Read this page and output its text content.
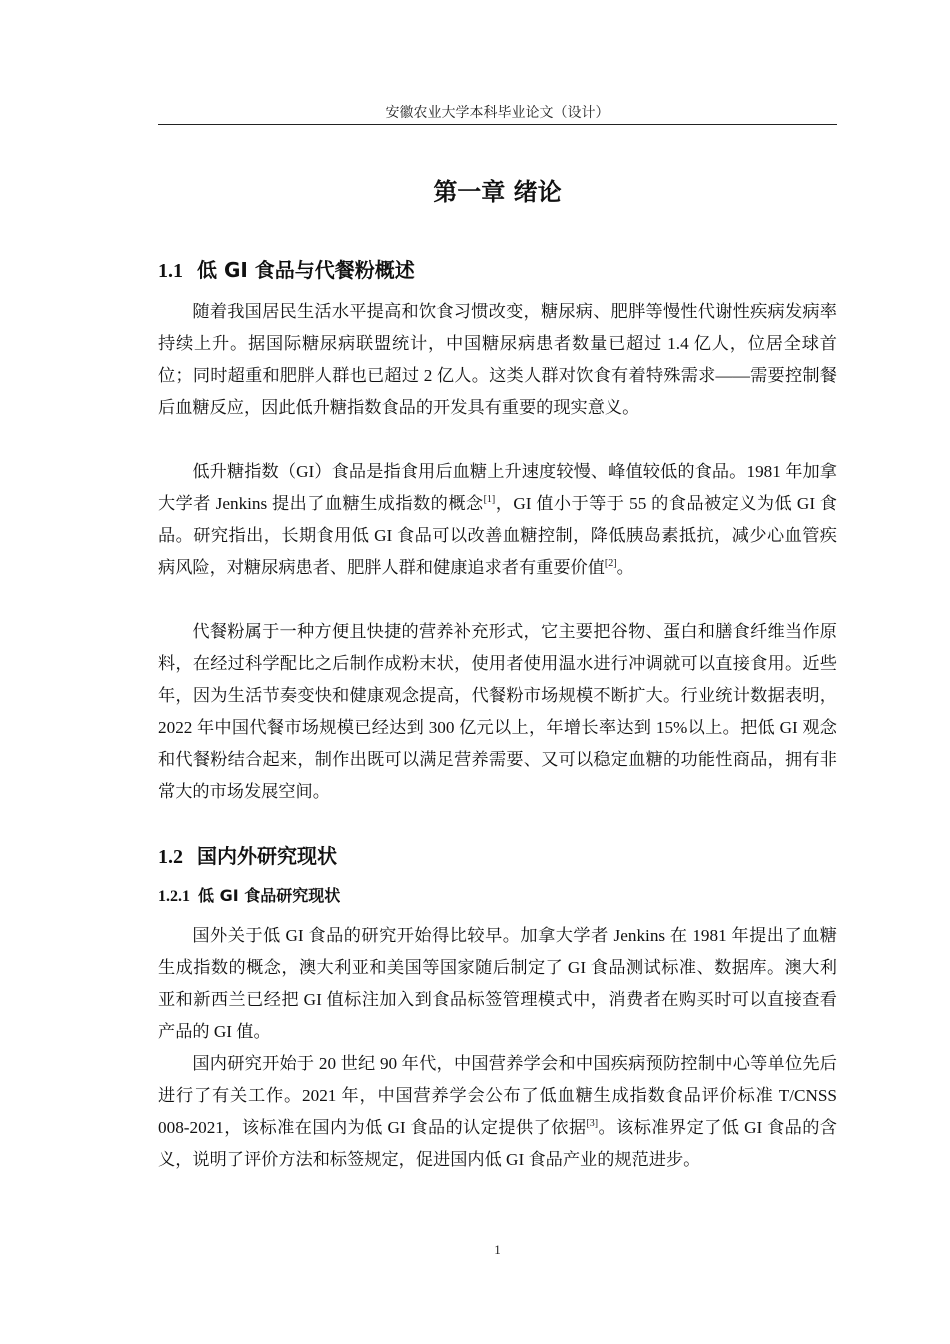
安徽农业大学本科毕业论文（设计）
第一章 绪论
1.1 低 GI 食品与代餐粉概述

随着我国居民生活水平提高和饮食习惯改变，糖尿病、肥胖等慢性代谢性疾病发病率持续上升。据国际糖尿病联盟统计，中国糖尿病患者数量已超过 1.4 亿人，位居全球首位；同时超重和肥胖人群也已超过 2 亿人。这类人群对饮食有着特殊需求——需要控制餐后血糖反应，因此低升糖指数食品的开发具有重要的现实意义。

低升糖指数（GI）食品是指食用后血糖上升速度较慢、峰值较低的食品。1981 年加拿大学者 Jenkins 提出了血糖生成指数的概念[1]，GI 值小于等于 55 的食品被定义为低 GI 食品。研究指出，长期食用低 GI 食品可以改善血糖控制，降低胰岛素抵抗，减少心血管疾病风险，对糖尿病患者、肥胖人群和健康追求者有重要价值[2]。

代餐粉属于一种方便且快捷的营养补充形式，它主要把谷物、蛋白和膳食纤维当作原料，在经过科学配比之后制作成粉末状，使用者使用温水进行冲调就可以直接食用。近些年，因为生活节奏变快和健康观念提高，代餐粉市场规模不断扩大。行业统计数据表明，2022 年中国代餐市场规模已经达到 300 亿元以上，年增长率达到 15%以上。把低 GI 观念和代餐粉结合起来，制作出既可以满足营养需要、又可以稳定血糖的功能性商品，拥有非常大的市场发展空间。

1.2 国内外研究现状
1.2.1 低 GI 食品研究现状

国外关于低 GI 食品的研究开始得比较早。加拿大学者 Jenkins 在 1981 年提出了血糖生成指数的概念，澳大利亚和美国等国家随后制定了 GI 食品测试标准、数据库。澳大利亚和新西兰已经把 GI 值标注加入到食品标签管理模式中，消费者在购买时可以直接查看产品的 GI 值。

国内研究开始于 20 世纪 90 年代，中国营养学会和中国疾病预防控制中心等单位先后进行了有关工作。2021 年，中国营养学会公布了低血糖生成指数食品评价标准 T/CNSS 008-2021，该标准在国内为低 GI 食品的认定提供了依据[3]。该标准界定了低 GI 食品的含义，说明了评价方法和标签规定，促进国内低 GI 食品产业的规范进步。

1
